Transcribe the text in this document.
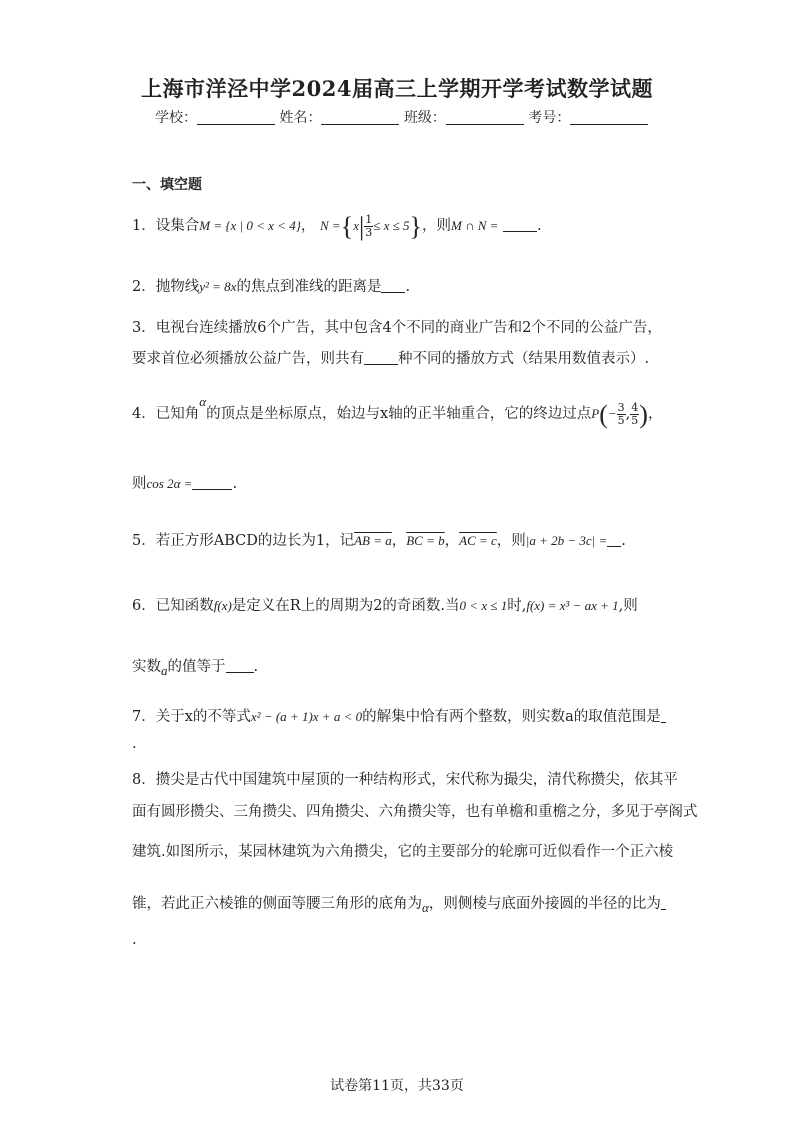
上海市洋泾中学2024届高三上学期开学考试数学试题
学校：	姓名：	班级：	考号：
一、填空题
1．设集合M = {x | 0 < x < 4}， $N =\{x| \frac{1}{3} \le x \le 5\}$，则M ∩ N =	.
2．抛物线y² = 8x的焦点到准线的距离是 .
3．电视台连续播放6个广告，其中包含4个不同的商业广告和2个不同的公益广告，
要求首位必须播放公益广告，则共有 种不同的播放方式（结果用数值表示）.
4．已知角α的顶点是坐标原点，始边与x轴的正半轴重合，它的终边过点$P(- \frac{3}{5}$ , $\frac{4}{5}$ )，
则cos 2α =	.
5．若正方形ABCD的边长为1，记AB = a，BC = b，AC = c，则|a + 2b − 3c| = .
6．已知函数f(x)是定义在R上的周期为2的奇函数.当0 < x ≤ 1时,f(x) = x³ − ax + 1,则
实数a的值等于 .
7．关于x的不等式x² − (a + 1)x + a < 0的解集中恰有两个整数，则实数a的取值范围是
.
8．攒尖是古代中国建筑中屋顶的一种结构形式，宋代称为撮尖，清代称攒尖，依其平
面有圆形攒尖、三角攒尖、四角攒尖、六角攒尖等，也有单檐和重檐之分，多见于亭阁式
建筑.如图所示，某园林建筑为六角攒尖，它的主要部分的轮廓可近似看作一个正六棱
锥，若此正六棱锥的侧面等腰三角形的底角为α，则侧棱与底面外接圆的半径的比为
.
试卷第11页，共33页
